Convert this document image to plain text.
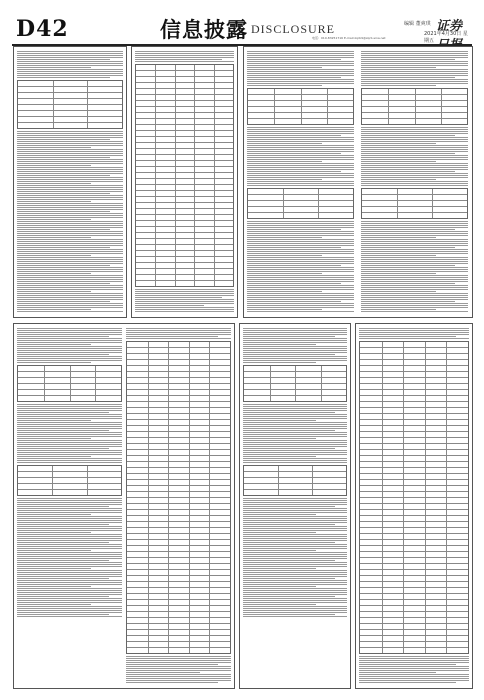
D42	信息披露 DISCLOSURE	编辑 董爽琪 证券
电话：010-83251716 E-mail:zqrb9@zqrb.sina.net
2021年4月30日 星期五
